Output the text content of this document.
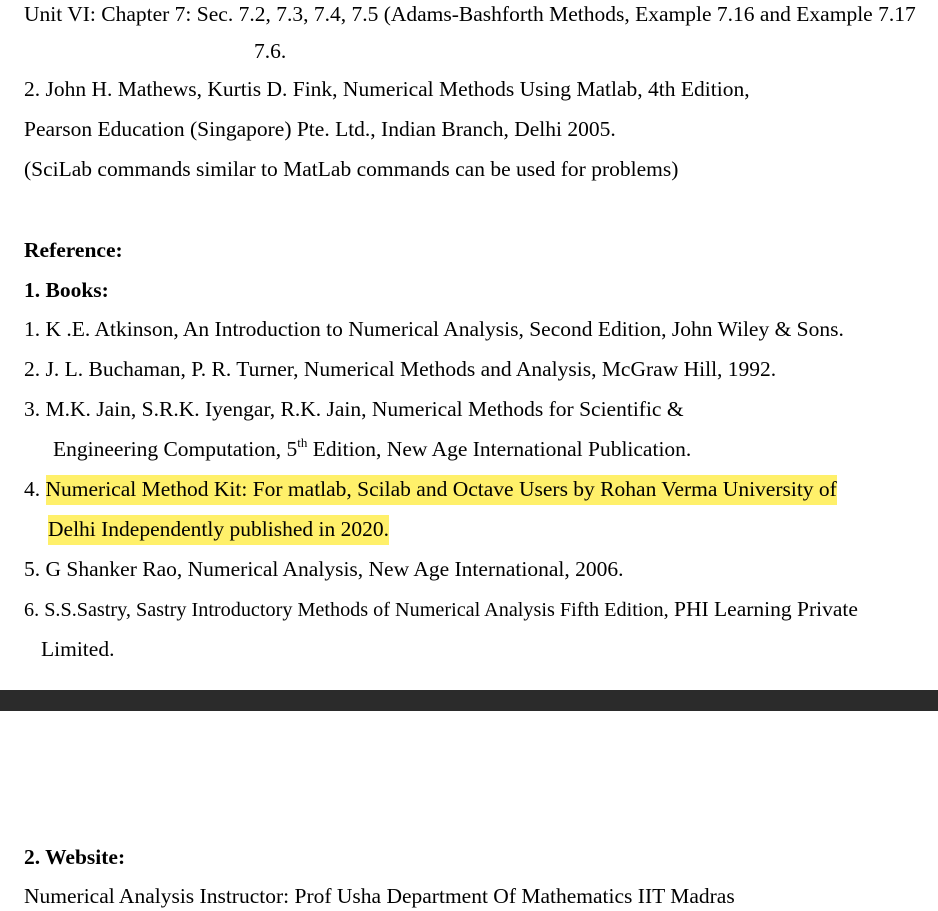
Unit VI: Chapter 7: Sec. 7.2, 7.3, 7.4, 7.5 (Adams-Bashforth Methods, Example 7.16 and Example 7.17
7.6.
2. John H. Mathews, Kurtis D. Fink, Numerical Methods Using Matlab, 4th Edition,
Pearson Education (Singapore) Pte. Ltd., Indian Branch, Delhi 2005.
(SciLab commands similar to MatLab commands can be used for problems)
Reference:
1. Books:
1. K .E. Atkinson, An Introduction to Numerical Analysis, Second Edition, John Wiley & Sons.
2. J. L. Buchaman, P. R. Turner, Numerical Methods and Analysis, McGraw Hill, 1992.
3. M.K. Jain, S.R.K. Iyengar, R.K. Jain, Numerical Methods for Scientific &
Engineering Computation, 5th Edition, New Age International Publication.
4. Numerical Method Kit: For matlab, Scilab and Octave Users by Rohan Verma University of
Delhi Independently published in 2020.
5. G Shanker Rao, Numerical Analysis, New Age International, 2006.
6. S.S.Sastry, Sastry Introductory Methods of Numerical Analysis Fifth Edition, PHI Learning Private
Limited.
2. Website:
Numerical Analysis Instructor: Prof Usha Department Of Mathematics IIT Madras
